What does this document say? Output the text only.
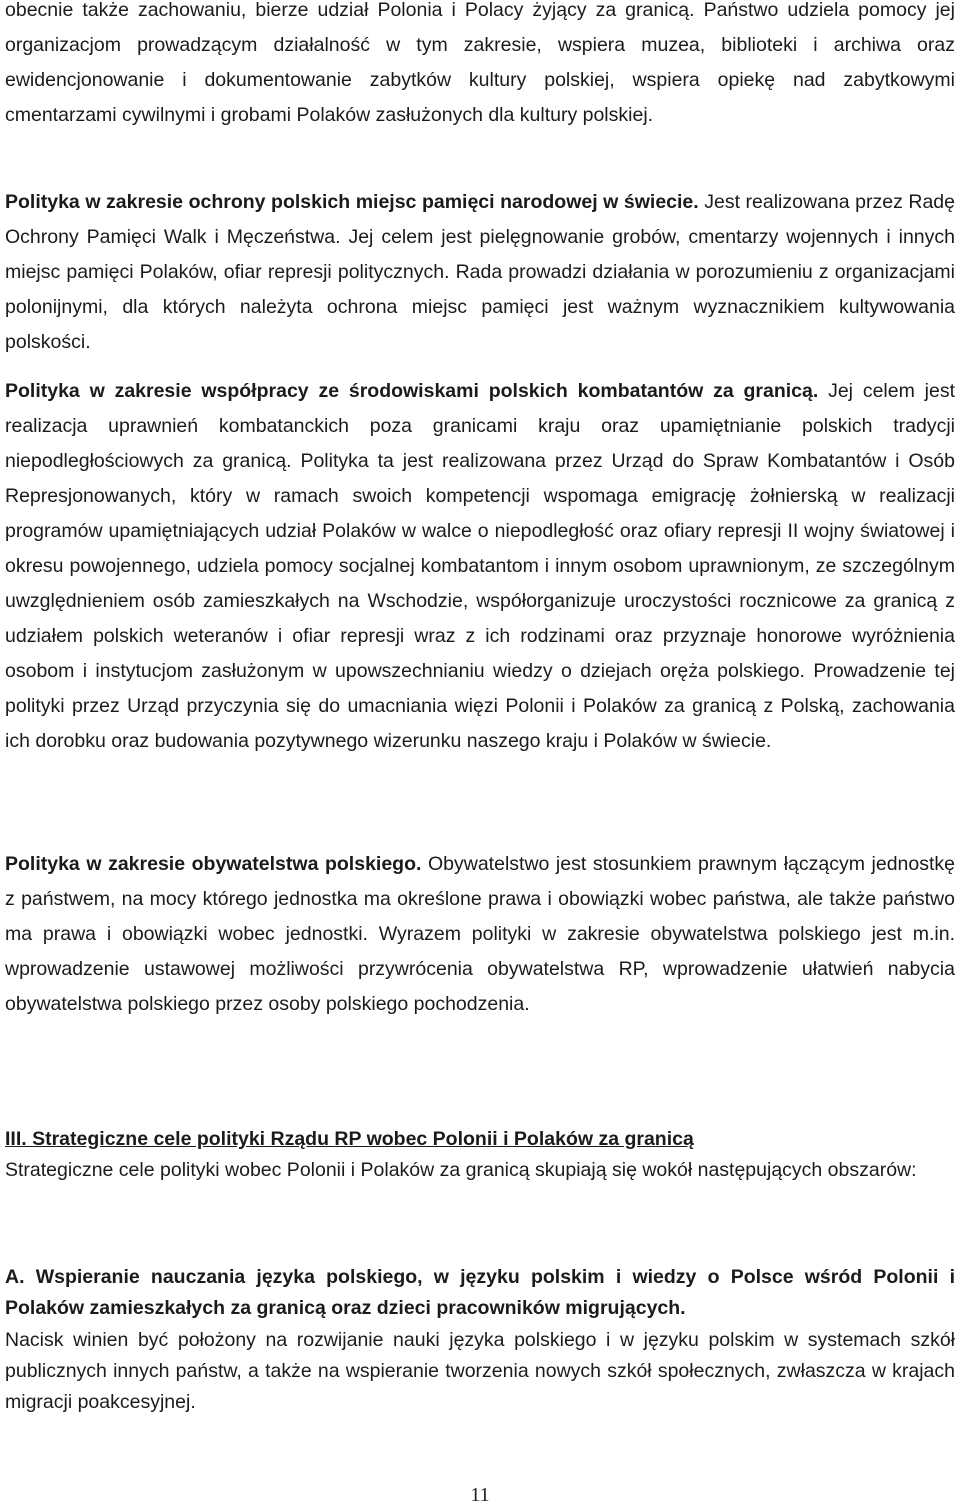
obecnie także zachowaniu, bierze udział Polonia i Polacy żyjący za granicą. Państwo udziela pomocy jej organizacjom prowadzącym działalność w tym zakresie, wspiera muzea, biblioteki i archiwa oraz ewidencjonowanie i dokumentowanie zabytków kultury polskiej, wspiera opiekę nad zabytkowymi cmentarzami cywilnymi i grobami Polaków zasłużonych dla kultury polskiej.

Polityka w zakresie ochrony polskich miejsc pamięci narodowej w świecie. Jest realizowana przez Radę Ochrony Pamięci Walk i Męczeństwa. Jej celem jest pielęgnowanie grobów, cmentarzy wojennych i innych miejsc pamięci Polaków, ofiar represji politycznych. Rada prowadzi działania w porozumieniu z organizacjami polonijnymi, dla których należyta ochrona miejsc pamięci jest ważnym wyznacznikiem kultywowania polskości.

Polityka w zakresie współpracy ze środowiskami polskich kombatantów za granicą. Jej celem jest realizacja uprawnień kombatanckich poza granicami kraju oraz upamiętnianie polskich tradycji niepodległościowych za granicą. Polityka ta jest realizowana przez Urząd do Spraw Kombatantów i Osób Represjonowanych, który w ramach swoich kompetencji wspomaga emigrację żołnierską w realizacji programów upamiętniających udział Polaków w walce o niepodległość oraz ofiary represji II wojny światowej i okresu powojennego, udziela pomocy socjalnej kombatantom i innym osobom uprawnionym, ze szczególnym uwzględnieniem osób zamieszkałych na Wschodzie, współorganizuje uroczystości rocznicowe za granicą z udziałem polskich weteranów i ofiar represji wraz z ich rodzinami oraz przyznaje honorowe wyróżnienia osobom i instytucjom zasłużonym w upowszechnianiu wiedzy o dziejach oręża polskiego. Prowadzenie tej polityki przez Urząd przyczynia się do umacniania więzi Polonii i Polaków za granicą z Polską, zachowania ich dorobku oraz budowania pozytywnego wizerunku naszego kraju i Polaków w świecie.

Polityka w zakresie obywatelstwa polskiego. Obywatelstwo jest stosunkiem prawnym łączącym jednostkę z państwem, na mocy którego jednostka ma określone prawa i obowiązki wobec państwa, ale także państwo ma prawa i obowiązki wobec jednostki. Wyrazem polityki w zakresie obywatelstwa polskiego jest m.in. wprowadzenie ustawowej możliwości przywrócenia obywatelstwa RP, wprowadzenie ułatwień nabycia obywatelstwa polskiego przez osoby polskiego pochodzenia.

III. Strategiczne cele polityki Rządu RP wobec Polonii i Polaków za granicą
Strategiczne cele polityki wobec Polonii i Polaków za granicą skupiają się wokół następujących obszarów:
A. Wspieranie nauczania języka polskiego, w języku polskim i wiedzy o Polsce wśród Polonii i Polaków zamieszkałych za granicą oraz dzieci pracowników migrujących.

Nacisk winien być położony na rozwijanie nauki języka polskiego i w języku polskim w systemach szkół publicznych innych państw, a także na wspieranie tworzenia nowych szkół społecznych, zwłaszcza w krajach migracji poakcesyjnej.

11
